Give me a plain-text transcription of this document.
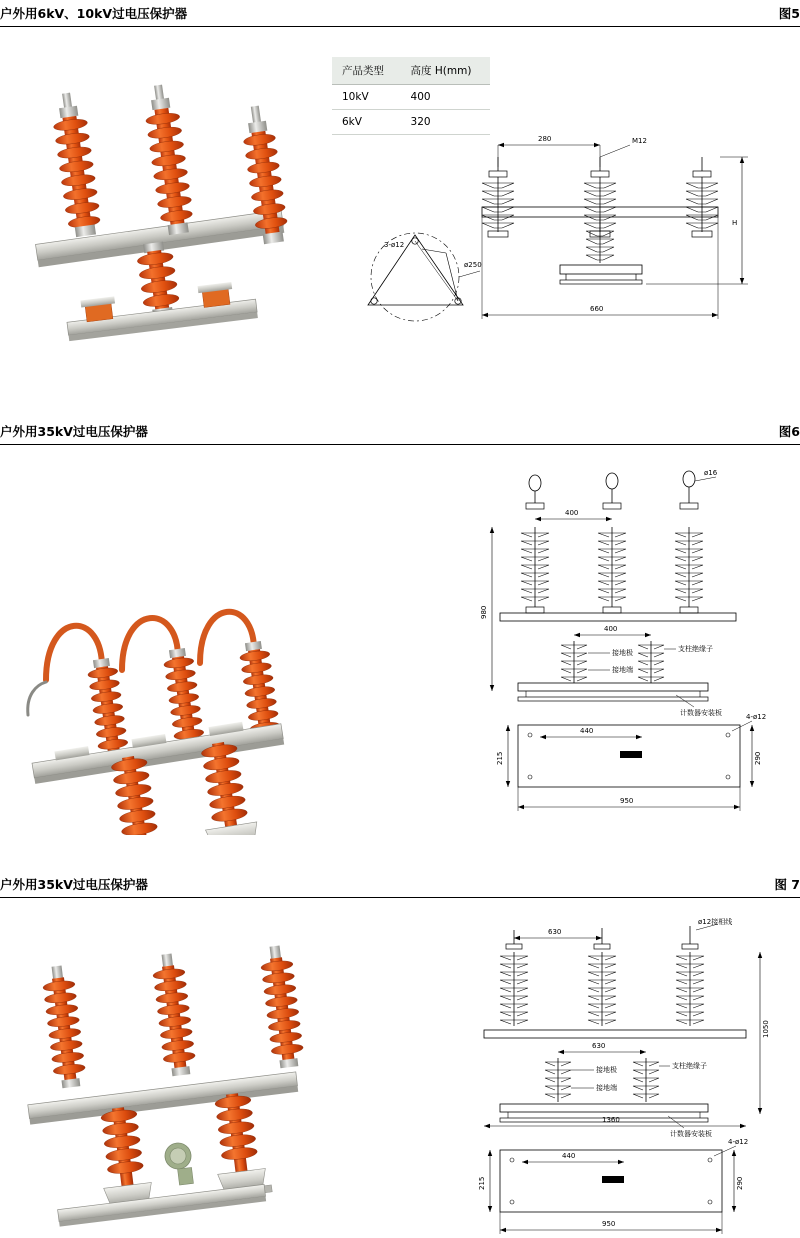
户外用6kV、10kV过电压保护器	图5
产品类型	高度 H(mm)
10kV	400
6kV	320
3-ø12
ø250
280	M12
H
660
户外用35kV过电压保护器	图6
ø16
400
980
400
接地极
接地端
支柱绝缘子
计数器安装板	4-ø12
440
215	290
950
户外用35kV过电压保护器	图 7
ø12接相线
630
1050
630
接地极
接地端
支柱绝缘子
计数器安装板
1360
4-ø12
440
215	290
950
